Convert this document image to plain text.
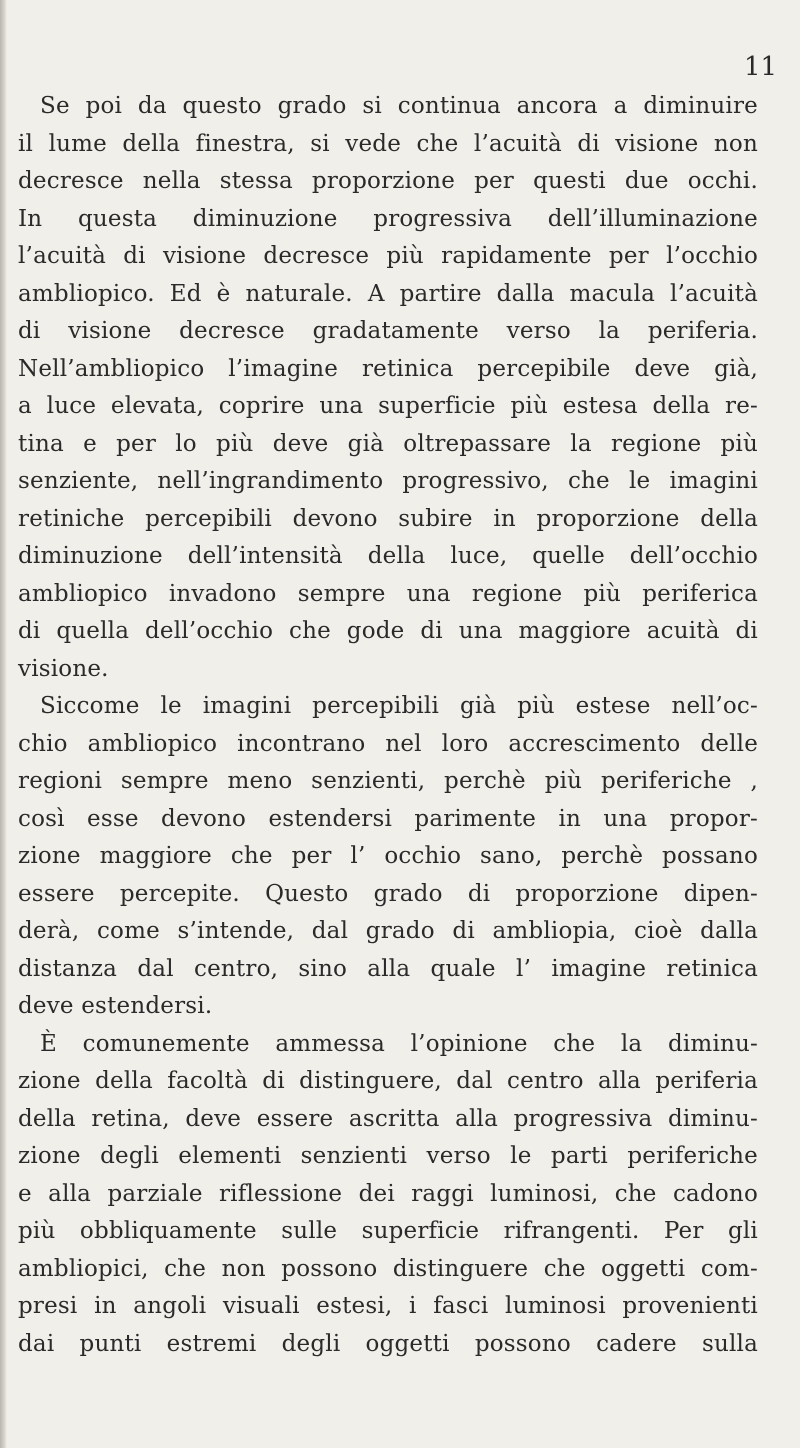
11
Se poi da questo grado si continua ancora a diminuire
il lume della finestra, si vede che l’acuità di visione non
decresce nella stessa proporzione per questi due occhi.
In questa diminuzione progressiva dell’illuminazione
l’acuità di visione decresce più rapidamente per l’occhio
ambliopico. Ed è naturale. A partire dalla macula l’acuità
di visione decresce gradatamente verso la periferia.
Nell’ambliopico l’imagine retinica percepibile deve già,
a luce elevata, coprire una superficie più estesa della re-
tina e per lo più deve già oltrepassare la regione più
senziente, nell’ingrandimento progressivo, che le imagini
retiniche percepibili devono subire in proporzione della
diminuzione dell’intensità della luce, quelle dell’occhio
ambliopico invadono sempre una regione più periferica
di quella dell’occhio che gode di una maggiore acuità di
visione.
Siccome le imagini percepibili già più estese nell’oc-
chio ambliopico incontrano nel loro accrescimento delle
regioni sempre meno senzienti, perchè più periferiche ,
così esse devono estendersi parimente in una propor-
zione maggiore che per l’ occhio sano, perchè possano
essere percepite. Questo grado di proporzione dipen-
derà, come s’intende, dal grado di ambliopia, cioè dalla
distanza dal centro, sino alla quale l’ imagine retinica
deve estendersi.
È comunemente ammessa l’opinione che la diminu-
zione della facoltà di distinguere, dal centro alla periferia
della retina, deve essere ascritta alla progressiva diminu-
zione degli elementi senzienti verso le parti periferiche
e alla parziale riflessione dei raggi luminosi, che cadono
più obbliquamente sulle superficie rifrangenti. Per gli
ambliopici, che non possono distinguere che oggetti com-
presi in angoli visuali estesi, i fasci luminosi provenienti
dai punti estremi degli oggetti possono cadere sulla
